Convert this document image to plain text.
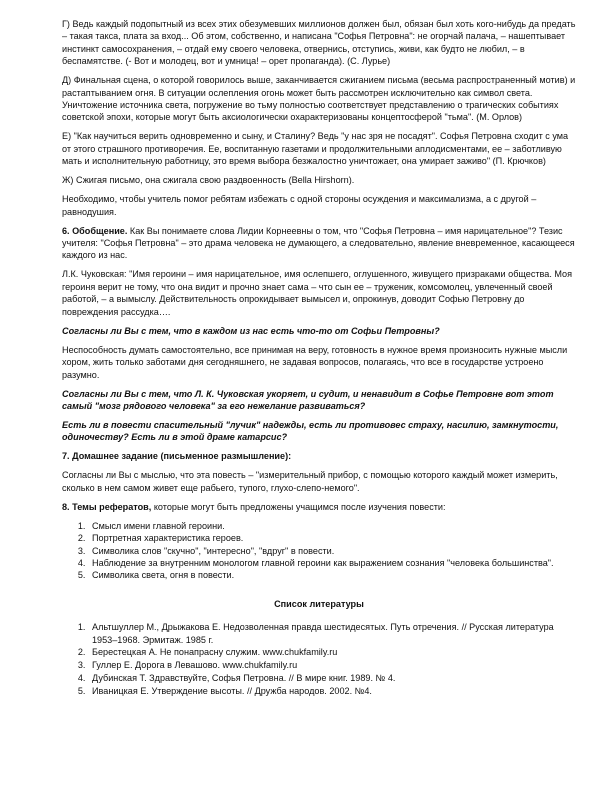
Г) Ведь каждый подопытный из всех этих обезумевших миллионов должен был, обязан был хоть кого-нибудь да предать – такая такса, плата за вход... Об этом, собственно, и написана "Софья Петровна": не огорчай палача, – нашептывает инстинкт самосохранения, – отдай ему своего человека, отвернись, отступись, живи, как будто не любил, – в беспамятстве. (- Вот и молодец, вот и умница! – орет пропаганда). (С. Лурье)

Д) Финальная сцена, о которой говорилось выше, заканчивается сжиганием письма (весьма распространенный мотив) и растаптыванием огня. В ситуации ослепления огонь может быть рассмотрен исключительно как символ света. Уничтожение источника света, погружение во тьму полностью соответствует представлению о трагических событиях советской эпохи, которые могут быть аксиологически охарактеризованы концептосферой "тьма". (М. Орлов)

Е) "Как научиться верить одновременно и сыну, и Сталину? Ведь "у нас зря не посадят". Софья Петровна сходит с ума от этого страшного противоречия. Ее, воспитанную газетами и продолжительными аплодисментами, ее – заботливую мать и исполнительную работницу, это время выбора безжалостно уничтожает, она умирает заживо" (П. Крючков)

Ж) Сжигая письмо, она сжигала свою раздвоенность (Bella Hirshorn).

Необходимо, чтобы учитель помог ребятам избежать с одной стороны осуждения и максимализма, а с другой – равнодушия.

6. Обобщение. Как Вы понимаете слова Лидии Корнеевны о том, что "Софья Петровна – имя нарицательное"? Тезис учителя: "Софья Петровна" – это драма человека не думающего, а следовательно, явление вневременное, касающееся каждого из нас.

Л.К. Чуковская: "Имя героини – имя нарицательное, имя ослепшего, оглушенного, живущего призраками общества. Моя героиня верит не тому, что она видит и прочно знает сама – что сын ее – труженик, комсомолец, увлеченный своей работой, – а вымыслу. Действительность опрокидывает вымысел и, опрокинув, доводит Софью Петровну до повреждения рассудка….

Согласны ли Вы с тем, что в каждом из нас есть что-то от Софьи Петровны?

Неспособность думать самостоятельно, все принимая на веру, готовность в нужное время произносить нужные мысли хором, жить только заботами дня сегодняшнего, не задавая вопросов, полагаясь, что все в государстве устроено разумно.

Согласны ли Вы с тем, что Л. К. Чуковская укоряет, и судит, и ненавидит в Софье Петровне вот этот самый "мозг рядового человека" за его нежелание развиваться?

Есть ли в повести спасительный "лучик" надежды, есть ли противовес страху, насилию, замкнутости, одиночеству? Есть ли в этой драме катарсис?

7. Домашнее задание (письменное размышление):

Согласны ли Вы с мыслью, что эта повесть – "измерительный прибор, с помощью которого каждый может измерить, сколько в нем самом живет еще рабьего, тупого, глухо-слепо-немого".

8. Темы рефератов, которые могут быть предложены учащимся после изучения повести:

1. Смысл имени главной героини.
2. Портретная характеристика героев.
3. Символика слов "скучно", "интересно", "вдруг" в повести.
4. Наблюдение за внутренним монологом главной героини как выражением сознания "человека большинства".
5. Символика света, огня в повести.
Список литературы
1. Альтшуллер М., Дрыжакова Е. Недозволенная правда шестидесятых. Путь отречения. // Русская литература 1953–1968. Эрмитаж. 1985 г.
2. Берестецкая А. Не понапрасну служим. www.chukfamily.ru
3. Гуллер Е. Дорога в Левашово. www.chukfamily.ru
4. Дубинская Т. Здравствуйте, Софья Петровна. // В мире книг. 1989. № 4.
5. Иваницкая Е. Утверждение высоты. // Дружба народов. 2002. №4.
